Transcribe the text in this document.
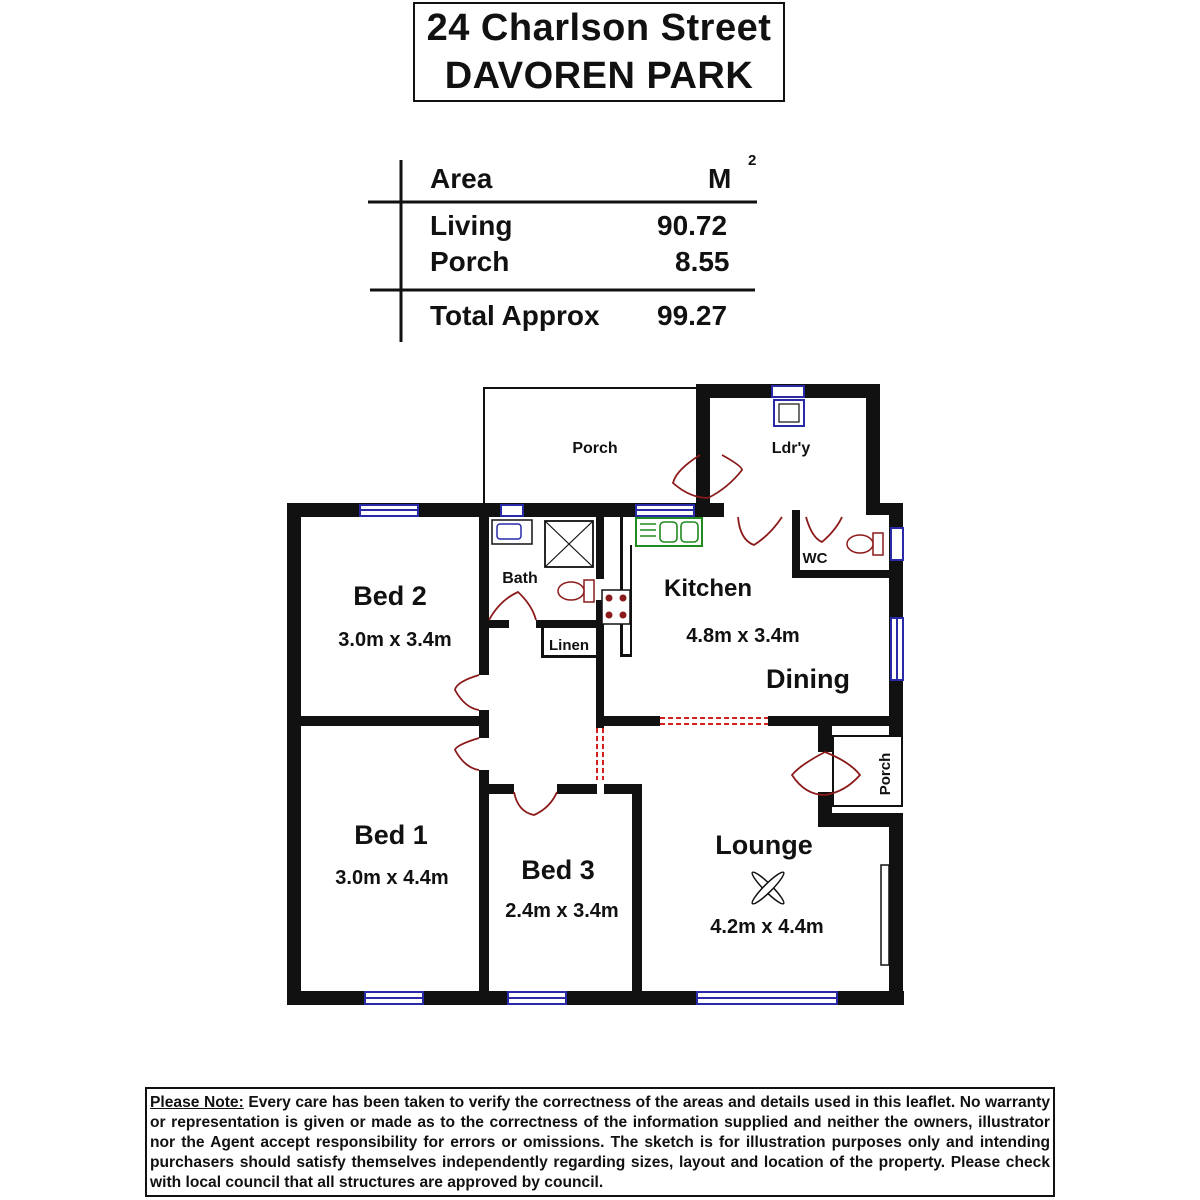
24 Charlson Street
DAVOREN PARK
Area	M
2
Living	90.72
Porch	8.55
Total Approx 99.27
Porch	Ldr'y
WC
Bath
Linen
Bed 2
3.0m x 3.4m
Kitchen
4.8m x 3.4m
Dining
Porch
Bed 1
3.0m x 4.4m	Bed 3
2.4m x 3.4m
Lounge
4.2m x 4.4m
Please Note: Every care has been taken to verify the correctness of the areas and details used in this leaflet. No warranty or representation is given or made as to the correctness of the information supplied and neither the owners, illustrator nor the Agent accept responsibility for errors or omissions. The sketch is for illustration purposes only and intending purchasers should satisfy themselves independently regarding sizes, layout and location of the property. Please check with local council that all structures are approved by council.
